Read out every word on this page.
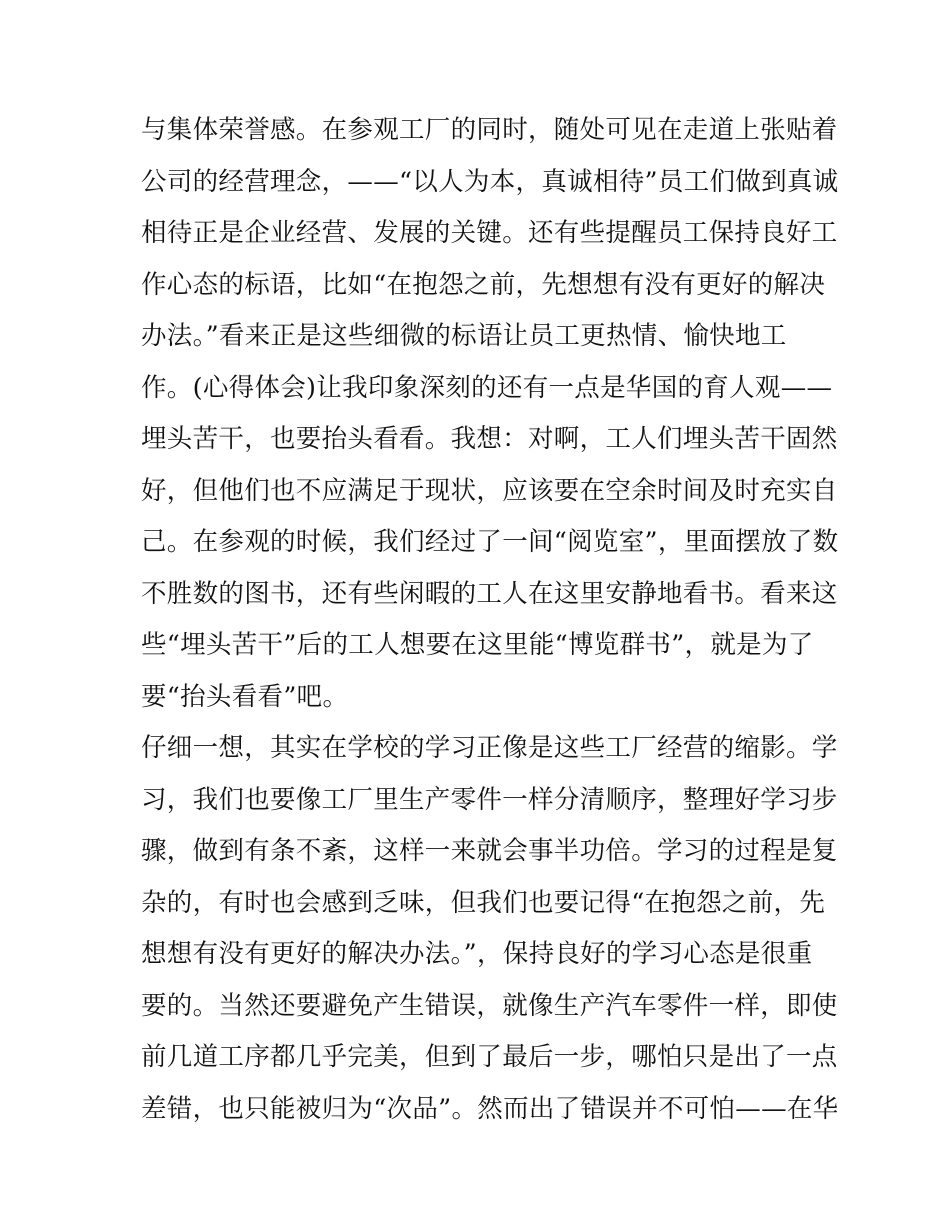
与集体荣誉感。在参观工厂的同时，随处可见在走道上张贴着
公司的经营理念，——“以人为本，真诚相待”员工们做到真诚
相待正是企业经营、发展的关键。还有些提醒员工保持良好工
作心态的标语，比如“在抱怨之前，先想想有没有更好的解决
办法。”看来正是这些细微的标语让员工更热情、愉快地工
作。(心得体会)让我印象深刻的还有一点是华国的育人观——
埋头苦干，也要抬头看看。我想：对啊，工人们埋头苦干固然
好，但他们也不应满足于现状，应该要在空余时间及时充实自
己。在参观的时候，我们经过了一间“阅览室”，里面摆放了数
不胜数的图书，还有些闲暇的工人在这里安静地看书。看来这
些“埋头苦干”后的工人想要在这里能“博览群书”，就是为了
要“抬头看看”吧。
仔细一想，其实在学校的学习正像是这些工厂经营的缩影。学
习，我们也要像工厂里生产零件一样分清顺序，整理好学习步
骤，做到有条不紊，这样一来就会事半功倍。学习的过程是复
杂的，有时也会感到乏味，但我们也要记得“在抱怨之前，先
想想有没有更好的解决办法。”，保持良好的学习心态是很重
要的。当然还要避免产生错误，就像生产汽车零件一样，即使
前几道工序都几乎完美，但到了最后一步，哪怕只是出了一点
差错，也只能被归为“次品”。然而出了错误并不可怕——在华
